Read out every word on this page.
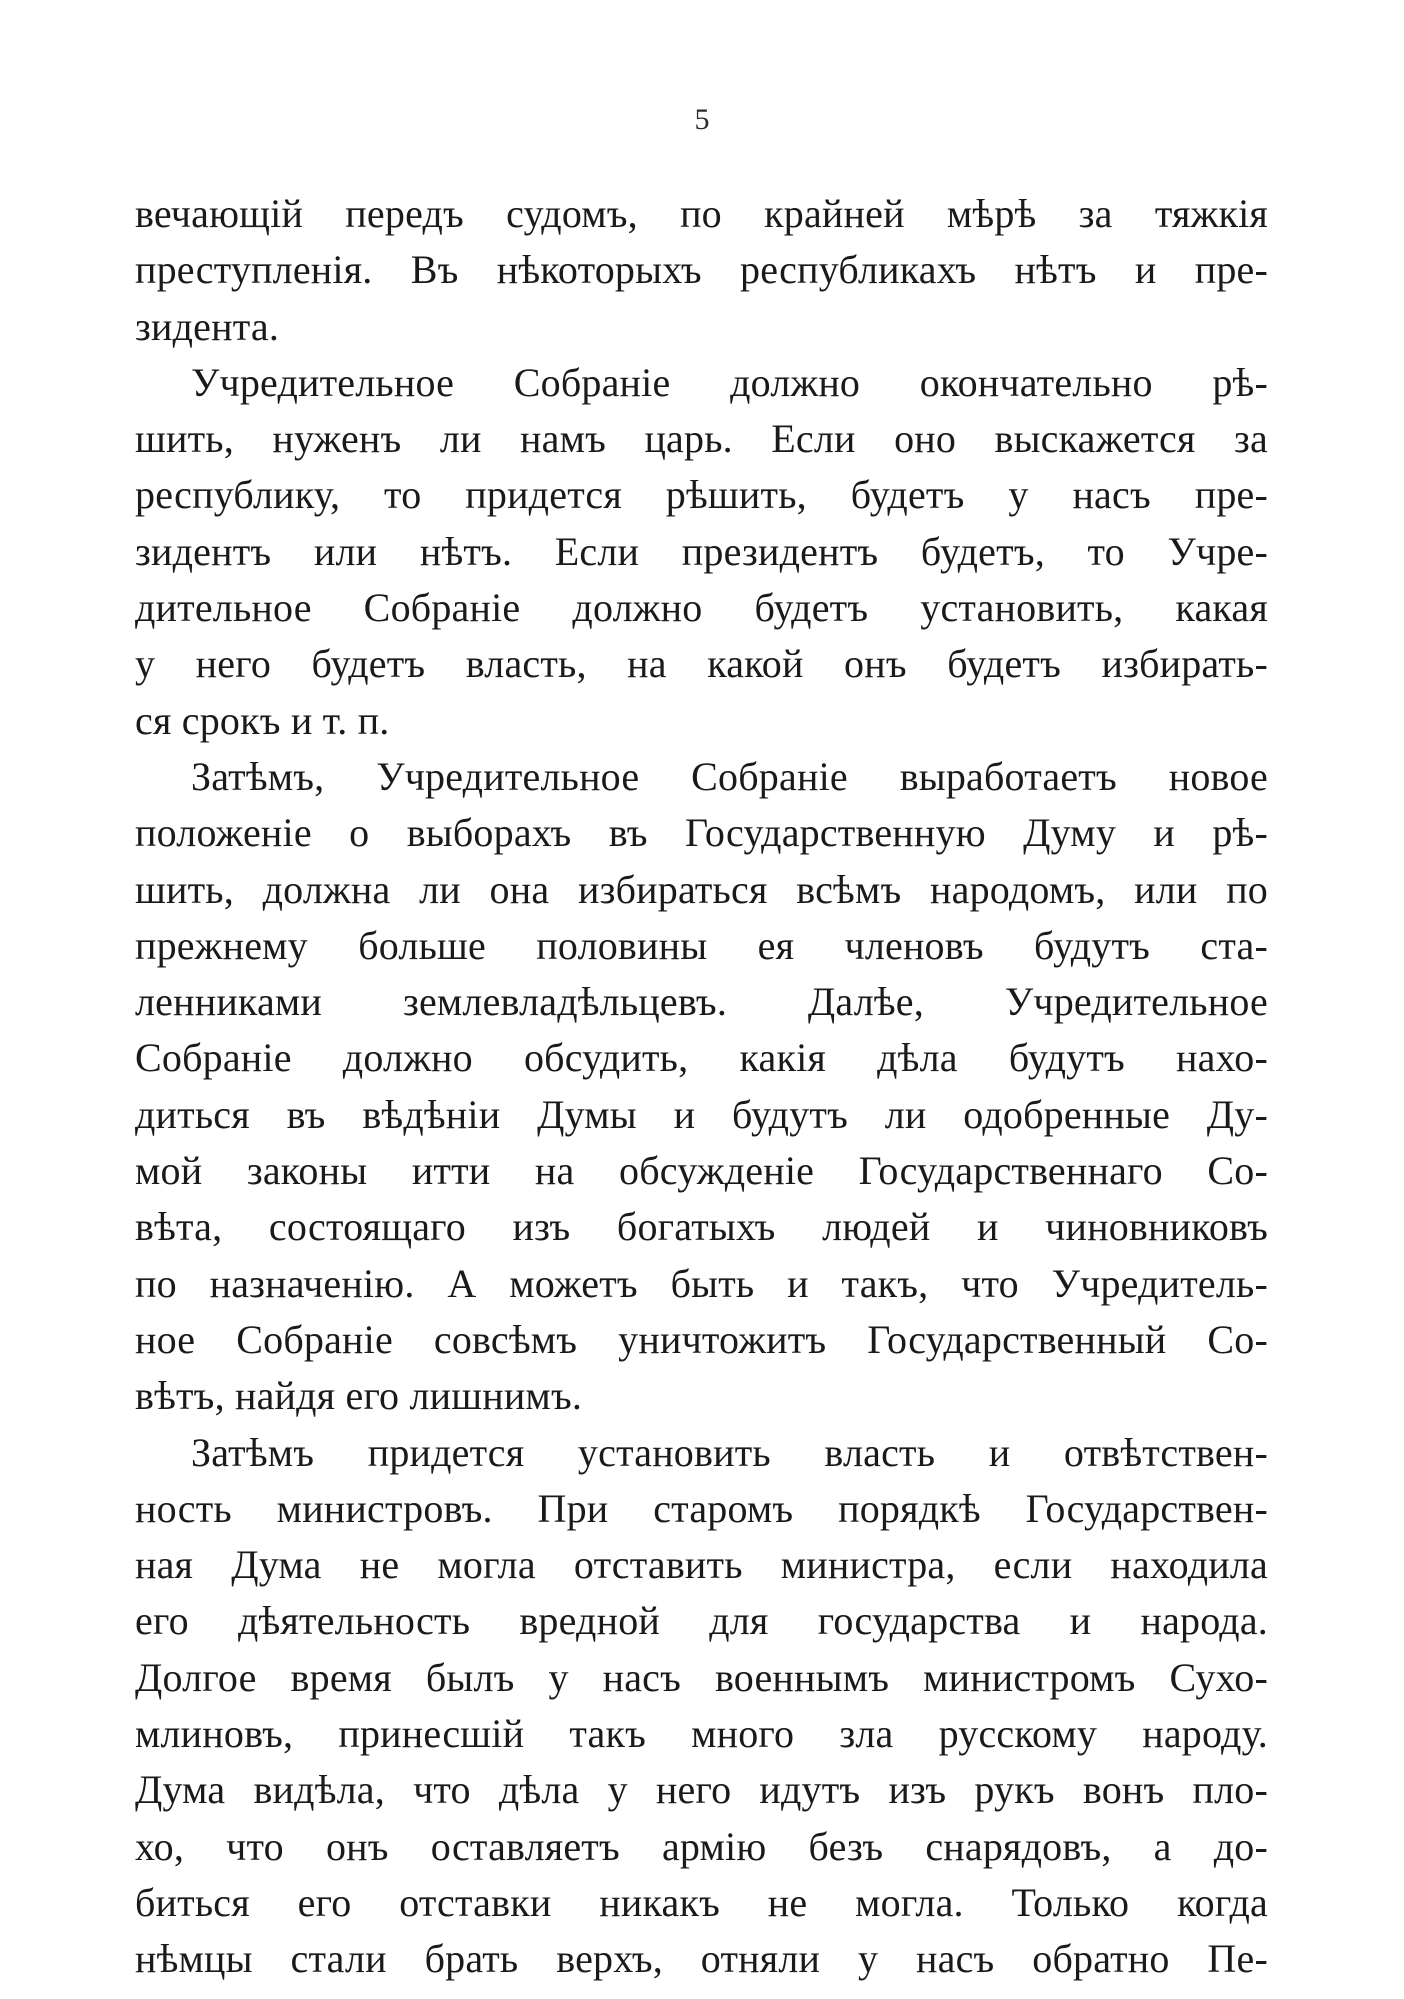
5
вечающій передъ судомъ, по крайней мѣрѣ за тяжкія
преступленія. Въ нѣкоторыхъ республикахъ нѣтъ и пре-
зидента.
Учредительное Собраніе должно окончательно рѣ-
шить, нуженъ ли намъ царь. Если оно выскажется за
республику, то придется рѣшить, будетъ у насъ пре-
зидентъ или нѣтъ. Если президентъ будетъ, то Учре-
дительное Собраніе должно будетъ установить, какая
у него будетъ власть, на какой онъ будетъ избирать-
ся срокъ и т. п.
Затѣмъ, Учредительное Собраніе выработаетъ новое
положеніе о выборахъ въ Государственную Думу и рѣ-
шить, должна ли она избираться всѣмъ народомъ, или по
прежнему больше половины ея членовъ будутъ ста-
ленниками землевладѣльцевъ. Далѣе, Учредительное
Собраніе должно обсудить, какія дѣла будутъ нахо-
диться въ вѣдѣніи Думы и будутъ ли одобренные Ду-
мой законы итти на обсужденіе Государственнаго Со-
вѣта, состоящаго изъ богатыхъ людей и чиновниковъ
по назначенію. А можетъ быть и такъ, что Учредитель-
ное Собраніе совсѣмъ уничтожитъ Государственный Со-
вѣтъ, найдя его лишнимъ.
Затѣмъ придется установить власть и отвѣтствен-
ность министровъ. При старомъ порядкѣ Государствен-
ная Дума не могла отставить министра, если находила
его дѣятельность вредной для государства и народа.
Долгое время былъ у насъ военнымъ министромъ Сухо-
млиновъ, принесшій такъ много зла русскому народу.
Дума видѣла, что дѣла у него идутъ изъ рукъ вонъ пло-
хо, что онъ оставляетъ армію безъ снарядовъ, а до-
биться его отставки никакъ не могла. Только когда
нѣмцы стали брать верхъ, отняли у насъ обратно Пе-
